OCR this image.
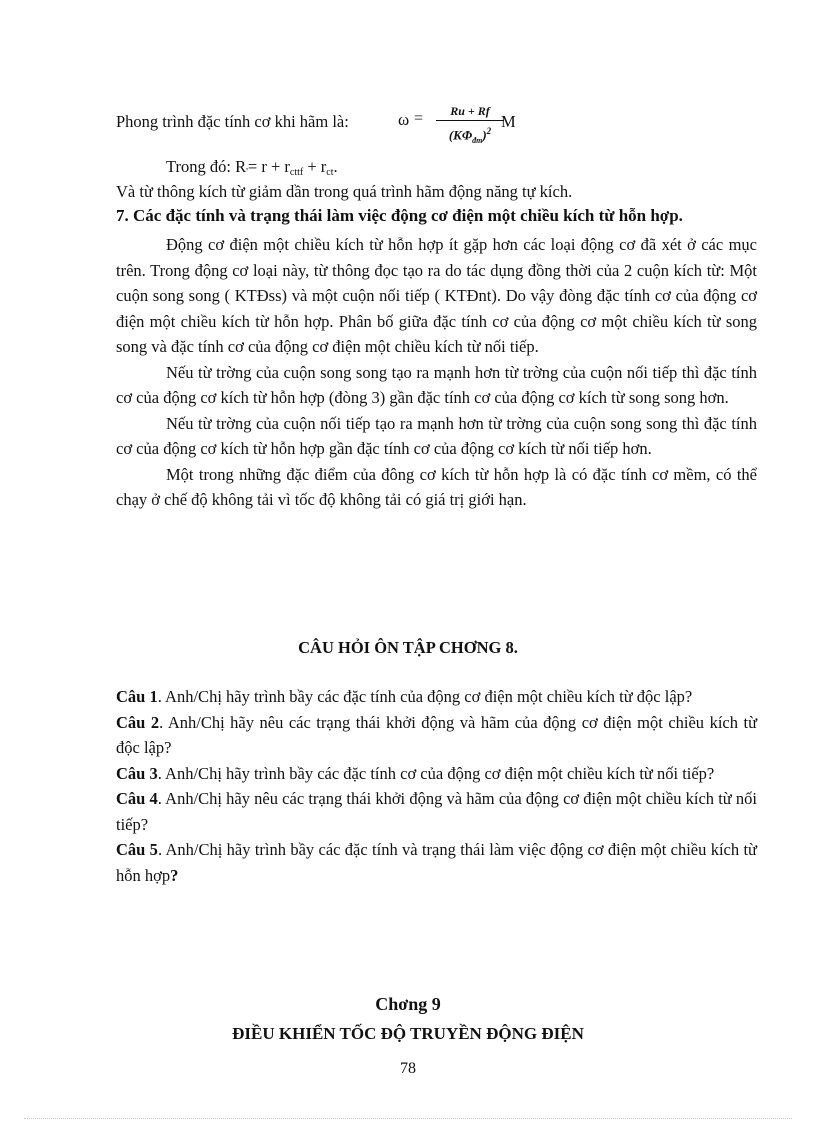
Phong trình đặc tính cơ khi hãm là:	ω =	Ru + Rf
$(K\Phi_{đm})^2$ M
Trong đó: $R'= r + r_{cttf} + r_{ct}$.
Và từ thông kích từ giảm dần trong quá trình hãm động năng tự kích.
7. Các đặc tính và trạng thái làm việc động cơ điện một chiều kích từ hỗn hợp.

Động cơ điện một chiều kích từ hỗn hợp ít gặp hơn các loại động cơ đã xét ở các mục trên. Trong động cơ loại này, từ thông đọc tạo ra do tác dụng đồng thời của 2 cuộn kích từ: Một cuộn song song ( KTĐss) và một cuộn nối tiếp ( KTĐnt). Do vậy đòng đặc tính cơ của động cơ điện một chiều kích từ hỗn hợp. Phân bố giữa đặc tính cơ của động cơ một chiều kích từ song song và đặc tính cơ của động cơ điện một chiều kích từ nối tiếp.

Nếu từ trờng của cuộn song song tạo ra mạnh hơn từ trờng của cuộn nối tiếp thì đặc tính cơ của động cơ kích từ hỗn hợp (đòng 3) gần đặc tính cơ của động cơ kích từ song song hơn.

Nếu từ trờng của cuộn nối tiếp tạo ra mạnh hơn từ trờng của cuộn song song thì đặc tính cơ của động cơ kích từ hỗn hợp gần đặc tính cơ của động cơ kích từ nối tiếp hơn.

Một trong những đặc điểm của đông cơ kích từ hỗn hợp là có đặc tính cơ mềm, có thể chạy ở chế độ không tải vì tốc độ không tải có giá trị giới hạn.

CÂU HỎI ÔN TẬP CHƠNG 8.

Câu 1. Anh/Chị hãy trình bầy các đặc tính của động cơ điện một chiều kích từ độc lập?

Câu 2. Anh/Chị hãy nêu các trạng thái khởi động và hãm của động cơ điện một chiều kích từ độc lập?

Câu 3. Anh/Chị hãy trình bầy các đặc tính cơ của động cơ điện một chiều kích từ nối tiếp?

Câu 4. Anh/Chị hãy nêu các trạng thái khởi động và hãm của động cơ điện một chiều kích từ nối tiếp?

Câu 5. Anh/Chị hãy trình bầy các đặc tính và trạng thái làm việc động cơ điện một chiều kích từ hỗn hợp?

Chơng 9
ĐIỀU KHIỂN TỐC ĐỘ TRUYỀN ĐỘNG ĐIỆN
78
